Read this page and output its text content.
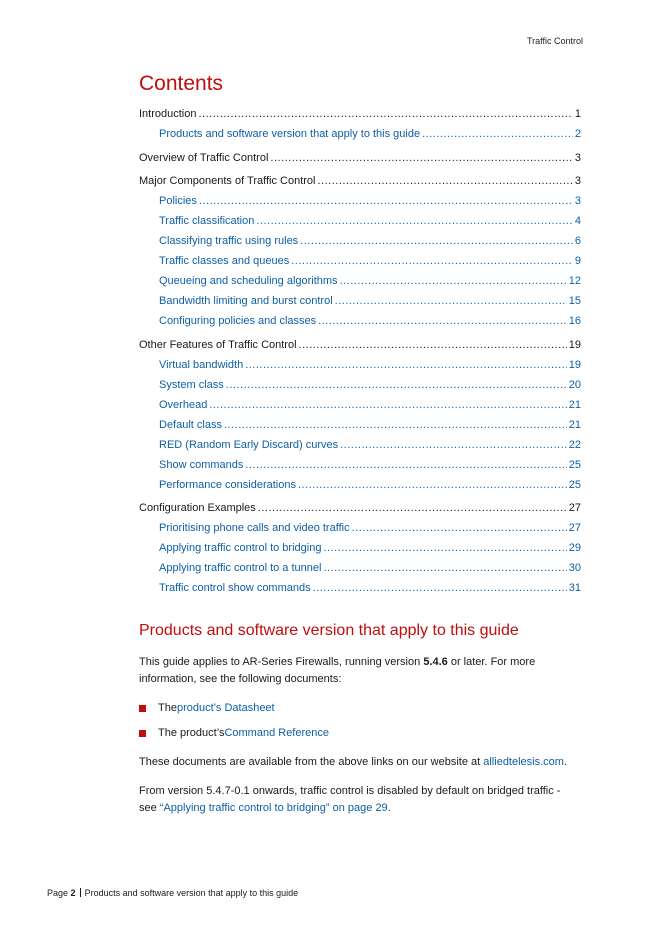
Traffic Control
Contents
Introduction .....	1
Products and software version that apply to this guide .....	2
Overview of Traffic Control .....	3
Major Components of Traffic Control .....	3
Policies .....	3
Traffic classification .....	4
Classifying traffic using rules .....	6
Traffic classes and queues .....	9
Queueing and scheduling algorithms .....	12
Bandwidth limiting and burst control .....	15
Configuring policies and classes .....	16
Other Features of Traffic Control .....	19
Virtual bandwidth .....	19
System class .....	20
Overhead .....	21
Default class .....	21
RED (Random Early Discard) curves .....	22
Show commands .....	25
Performance considerations .....	25
Configuration Examples .....	27
Prioritising phone calls and video traffic .....	27
Applying traffic control to bridging .....	29
Applying traffic control to a tunnel .....	30
Traffic control show commands .....	31
Products and software version that apply to this guide

This guide applies to AR-Series Firewalls, running version 5.4.6 or later. For more information, see the following documents:

The product’s Datasheet
The product’s Command Reference

These documents are available from the above links on our website at alliedtelesis.com.

From version 5.4.7-0.1 onwards, traffic control is disabled by default on bridged traffic - see “Applying traffic control to bridging” on page 29.

Page 2 Products and software version that apply to this guide
